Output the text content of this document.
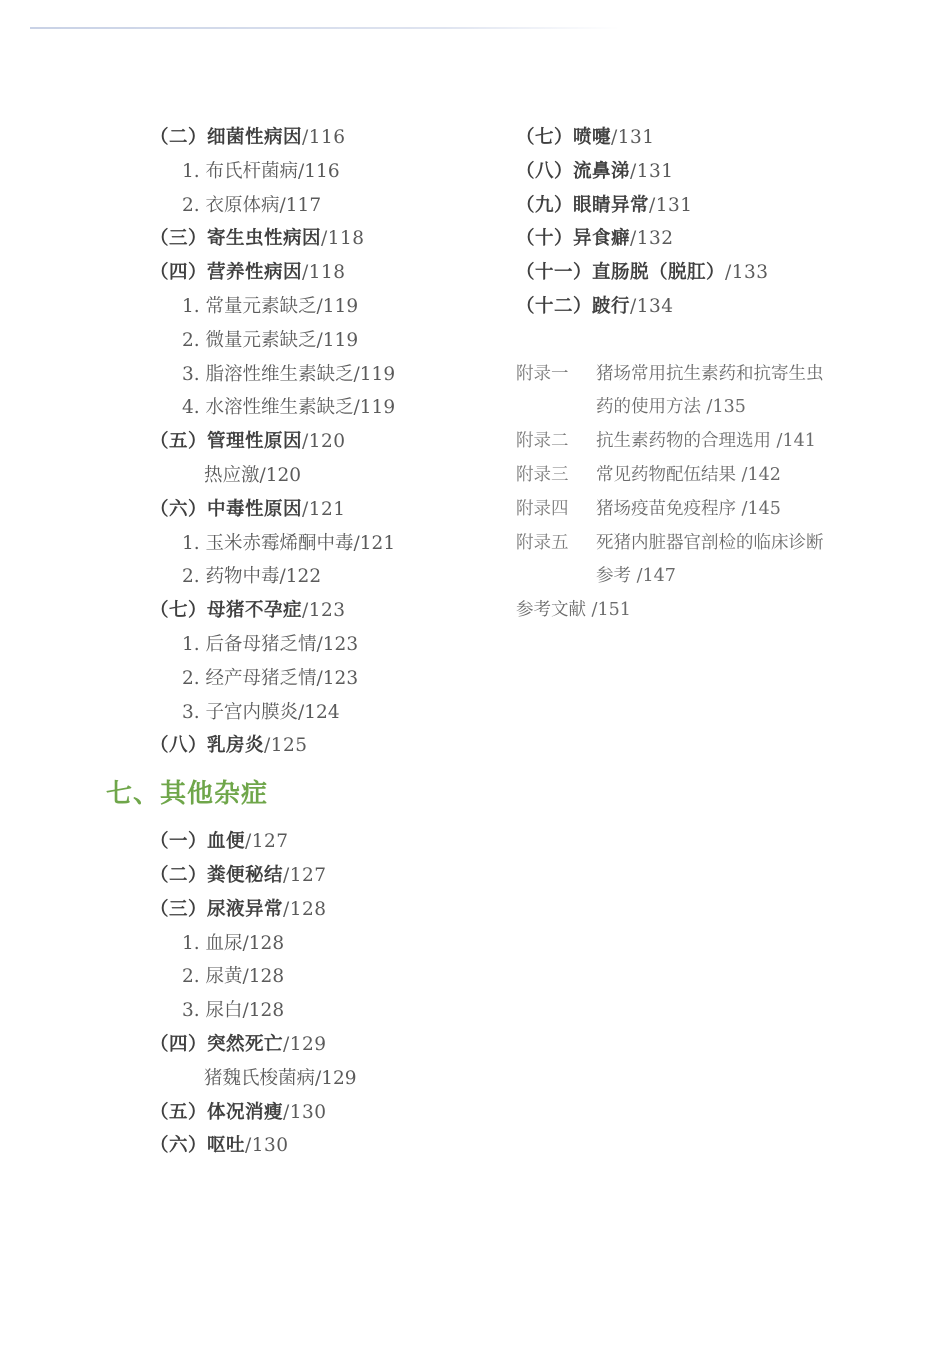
（二）细菌性病因/116
1. 布氏杆菌病/116
2. 衣原体病/117
（三）寄生虫性病因/118
（四）营养性病因/118
1. 常量元素缺乏/119
2. 微量元素缺乏/119
3. 脂溶性维生素缺乏/119
4. 水溶性维生素缺乏/119
（五）管理性原因/120
热应激/120
（六）中毒性原因/121
1. 玉米赤霉烯酮中毒/121
2. 药物中毒/122
（七）母猪不孕症/123
1. 后备母猪乏情/123
2. 经产母猪乏情/123
3. 子宫内膜炎/124
（八）乳房炎/125
七、其他杂症
（一）血便/127
（二）粪便秘结/127
（三）尿液异常/128
1. 血尿/128
2. 尿黄/128
3. 尿白/128
（四）突然死亡/129
猪魏氏梭菌病/129
（五）体况消瘦/130
（六）呕吐/130
（七）喷嚏/131
（八）流鼻涕/131
（九）眼睛异常/131
（十）异食癖/132
（十一）直肠脱（脱肛）/133
（十二）跛行/134
附录一 猪场常用抗生素药和抗寄生虫
药的使用方法 /135
附录二 抗生素药物的合理选用 /141
附录三 常见药物配伍结果 /142
附录四 猪场疫苗免疫程序 /145
附录五 死猪内脏器官剖检的临床诊断
参考 /147
参考文献 /151
